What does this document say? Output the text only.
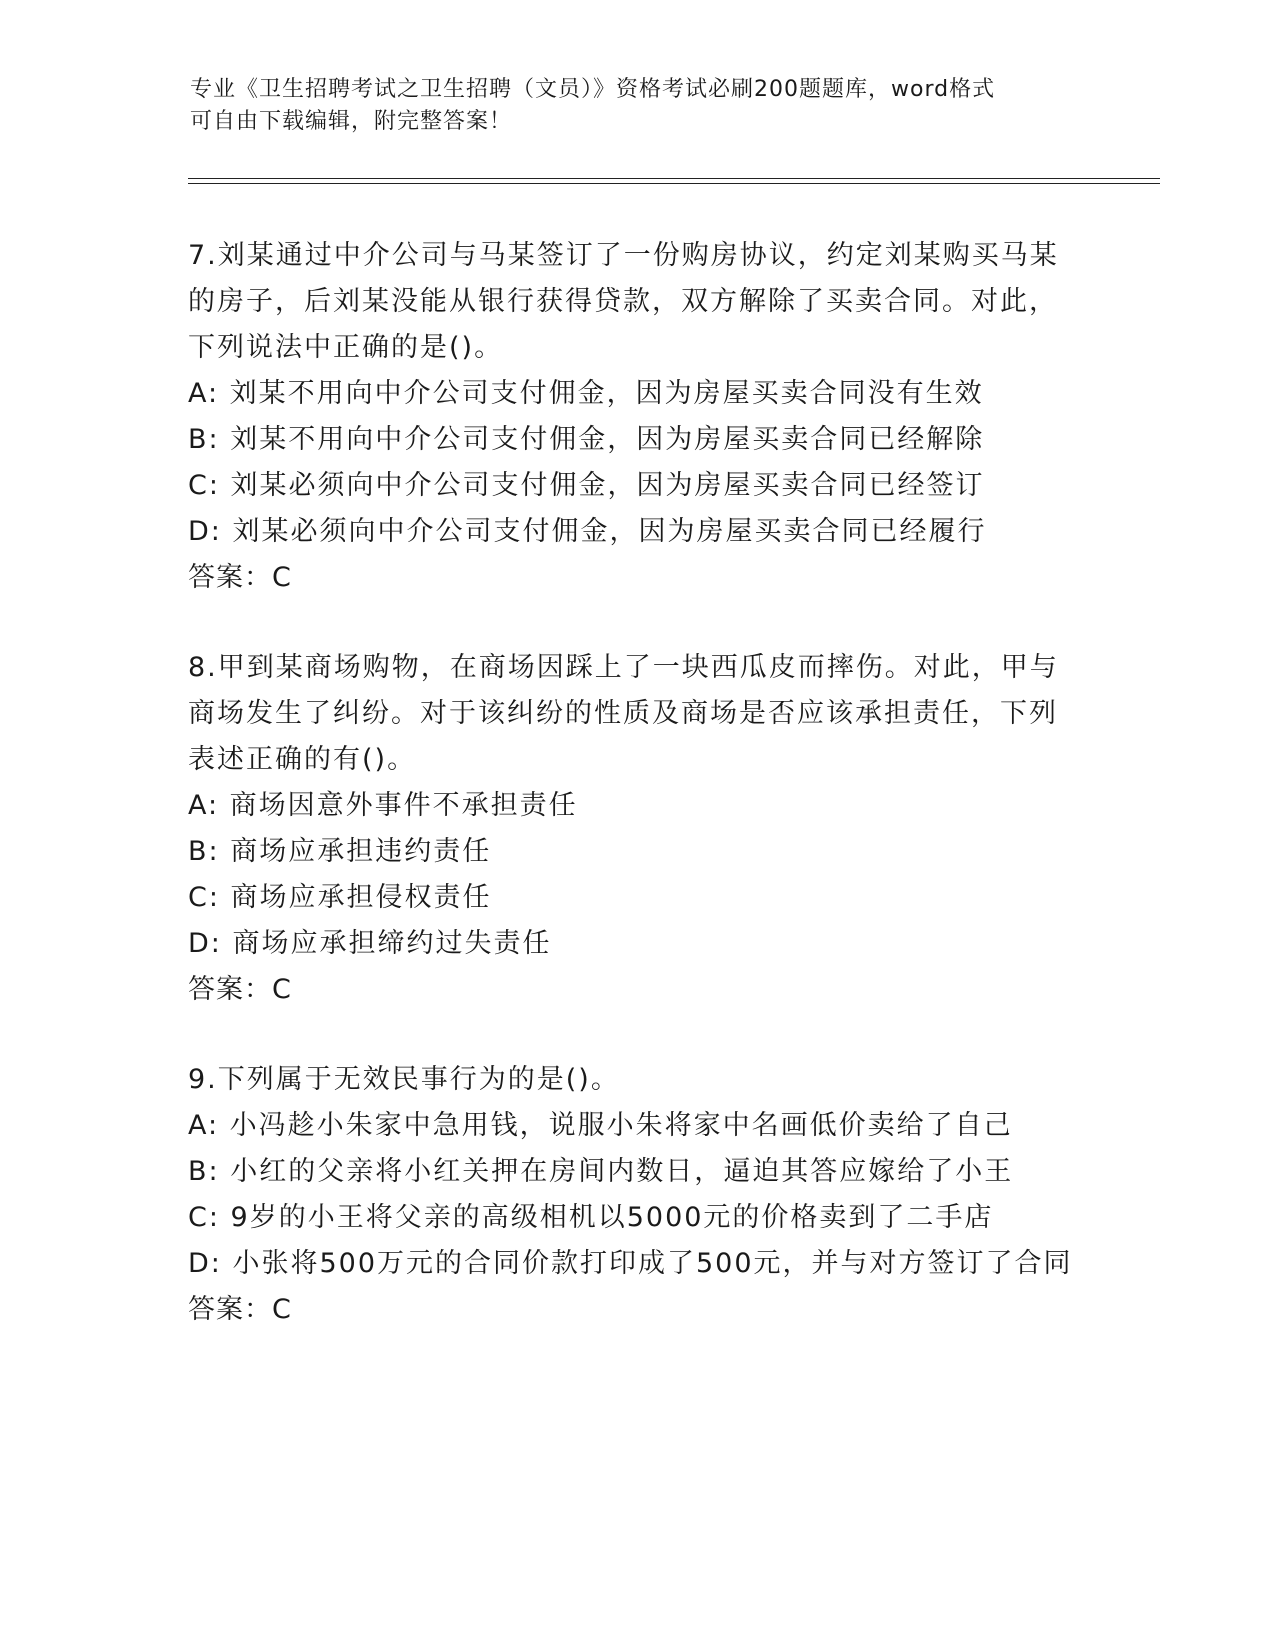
专业《卫生招聘考试之卫生招聘（文员）》资格考试必刷200题题库，word格式
可自由下载编辑，附完整答案！
7.刘某通过中介公司与马某签订了一份购房协议，约定刘某购买马某
的房子，后刘某没能从银行获得贷款，双方解除了买卖合同。对此，
下列说法中正确的是()。
A: 刘某不用向中介公司支付佣金，因为房屋买卖合同没有生效
B: 刘某不用向中介公司支付佣金，因为房屋买卖合同已经解除
C: 刘某必须向中介公司支付佣金，因为房屋买卖合同已经签订
D: 刘某必须向中介公司支付佣金，因为房屋买卖合同已经履行
答案：C
8.甲到某商场购物，在商场因踩上了一块西瓜皮而摔伤。对此，甲与
商场发生了纠纷。对于该纠纷的性质及商场是否应该承担责任，下列
表述正确的有()。
A: 商场因意外事件不承担责任
B: 商场应承担违约责任
C: 商场应承担侵权责任
D: 商场应承担缔约过失责任
答案：C
9.下列属于无效民事行为的是()。
A: 小冯趁小朱家中急用钱，说服小朱将家中名画低价卖给了自己
B: 小红的父亲将小红关押在房间内数日，逼迫其答应嫁给了小王
C: 9岁的小王将父亲的高级相机以5000元的价格卖到了二手店
D: 小张将500万元的合同价款打印成了500元，并与对方签订了合同
答案：C
